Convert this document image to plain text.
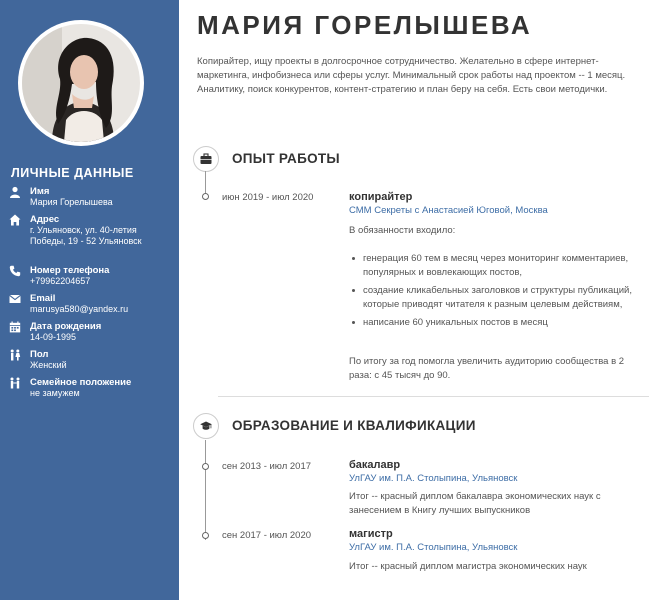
ЛИЧНЫЕ ДАННЫЕ
Имя
Мария Горелышева
Адрес
г. Ульяновск, ул. 40-летия Победы, 19 - 52 Ульяновск
Номер телефона
+79962204657
Email
marusya580@yandex.ru
Дата рождения
14-09-1995
Пол
Женский
Семейное положение
не замужем
МАРИЯ ГОРЕЛЫШЕВА
Копирайтер, ищу проекты в долгосрочное сотрудничество. Желательно в сфере интернет-маркетинга, инфобизнеса или сферы услуг. Минимальный срок работы над проектом -- 1 месяц. Аналитику, поиск конкурентов, контент-стратегию и план беру на себя. Есть свои методички.
ОПЫТ РАБОТЫ
июн 2019 - июл 2020	копирайтер
СММ Секреты с Анастасией Юговой, Москва
В обязанности входило:
генерация 60 тем в месяц через мониторинг комментариев, популярных и вовлекающих постов,
создание кликабельных заголовков и структуры публикаций, которые приводят читателя к разным целевым действиям,
написание 60 уникальных постов в месяц
По итогу за год помогла увеличить аудиторию сообщества в 2 раза: с 45 тысяч до 90.
ОБРАЗОВАНИЕ И КВАЛИФИКАЦИИ
сен 2013 - июл 2017	бакалавр
УлГАУ им. П.А. Столыпина, Ульяновск
Итог -- красный диплом бакалавра экономических наук с занесением в Книгу лучших выпускников
сен 2017 - июл 2020	магистр
УлГАУ им. П.А. Столыпина, Ульяновск
Итог -- красный диплом магистра экономических наук
